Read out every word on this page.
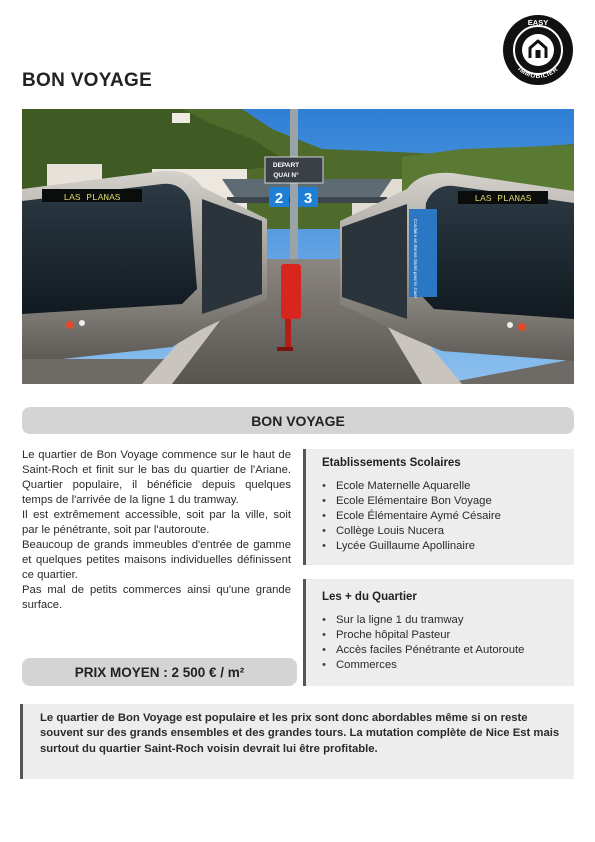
BON VOYAGE
EASY
IMMOBILIER
DEPART
QUAI N°
2 3
LAS PLANAS	LAS PLANAS
Conduire en Bonne Santé pour le Joue!
BON VOYAGE

Le quartier de Bon Voyage commence sur le haut de Saint-Roch et finit sur le bas du quartier de l'Ariane. Quartier populaire, il bénéficie depuis quelques temps de l'arrivée de la ligne 1 du tramway.

Il est extrêmement accessible, soit par la ville, soit par le pénétrante, soit par l'autoroute.

Beaucoup de grands immeubles d'entrée de gamme et quelques petites maisons individuelles définissent ce quartier.

Pas mal de petits commerces ainsi qu'une grande surface.

PRIX MOYEN : 2 500 € / m²
Etablissements Scolaires
• Ecole Maternelle Aquarelle
• Ecole Elémentaire Bon Voyage
• Ecole Élémentaire Aymé Césaire
• Collège Louis Nucera
• Lycée Guillaume Apollinaire
Les + du Quartier
• Sur la ligne 1 du tramway
• Proche hôpital Pasteur
• Accès faciles Pénétrante et Autoroute
• Commerces
Le quartier de Bon Voyage est populaire et les prix sont donc abordables même si on reste souvent sur des grands ensembles et des grandes tours. La mutation complète de Nice Est mais surtout du quartier Saint-Roch voisin devrait lui être profitable.
